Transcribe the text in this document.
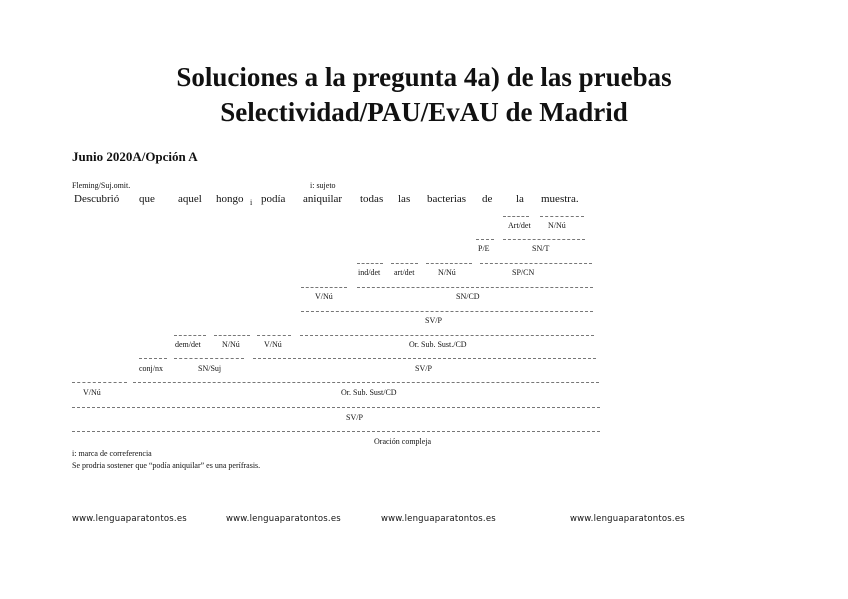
Soluciones a la pregunta 4a) de las pruebas
Selectividad/PAU/EvAU de Madrid
Junio 2020A/Opción A
Fleming/Suj.omit.	i: sujeto
Descubrió que aquel hongo i podía aniquilar todas las bacterias de la muestra.
Art/det N/Nú
P/E	SN/T
ind/det art/det	N/Nú	SP/CN
V/Nú	SN/CD
SV/P
dem/det	N/Nú	V/Nú	Or. Sub. Sust./CD
conj/nx	SN/Suj	SV/P
V/Nú	Or. Sub. Sust/CD
SV/P
Oración compleja
i: marca de correferencia
Se prodria sostener que “podía aniquilar” es una perífrasis.
www.lenguaparatontos.es	www.lenguaparatontos.es	www.lenguaparatontos.es	www.lenguaparatontos.es
